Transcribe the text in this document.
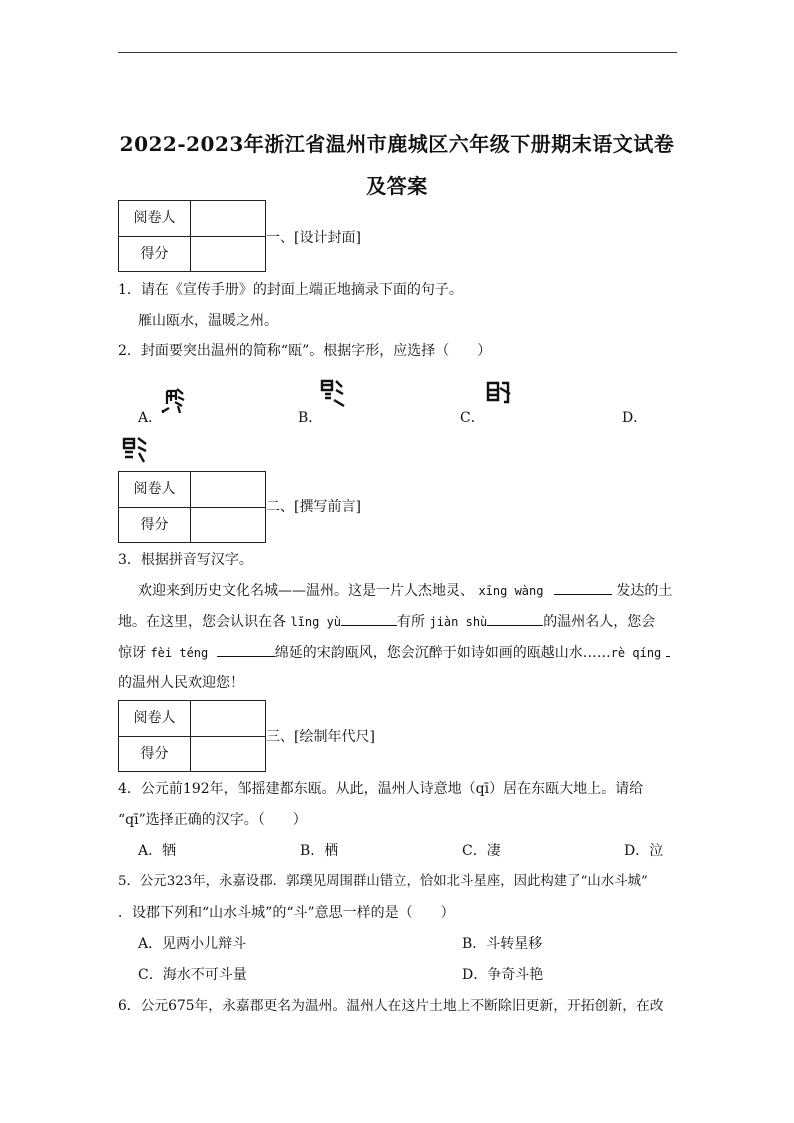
2022-2023年浙江省温州市鹿城区六年级下册期末语文试卷
及答案
阅卷人
得分
一、[设计封面]
1．请在《宣传手册》的封面上端正地摘录下面的句子。
雁山瓯水，温暖之州。
2．封面要突出温州的简称“瓯”。根据字形，应选择（　　）
A．	B．	C．	D．
阅卷人
得分
二、[撰写前言]
3．根据拼音写汉字。
欢迎来到历史文化名城——温州。这是一片人杰地灵、 xīng wàng	发达的土
地。在这里，您会认识在各 lǐng yù	有所 jiàn shù	的温州名人，您会
惊讶 fèi téng	绵延的宋韵瓯风，您会沉醉于如诗如画的瓯越山水……rè qíng
的温州人民欢迎您！
阅卷人
得分
三、[绘制年代尺]
4．公元前192年，邹摇建都东瓯。从此，温州人诗意地（qī）居在东瓯大地上。请给
“qī”选择正确的汉字。（　　）
A．牺	B．栖	C．凄	D．泣
5．公元323年，永嘉设郡．郭璞见周围群山错立，恰如北斗星座，因此构建了“山水斗城”
．设郡下列和“山水斗城”的“斗”意思一样的是（　　）
A．见两小儿辩斗	B．斗转星移
C．海水不可斗量	D．争奇斗艳
6．公元675年，永嘉郡更名为温州。温州人在这片土地上不断除旧更新，开拓创新，在改
